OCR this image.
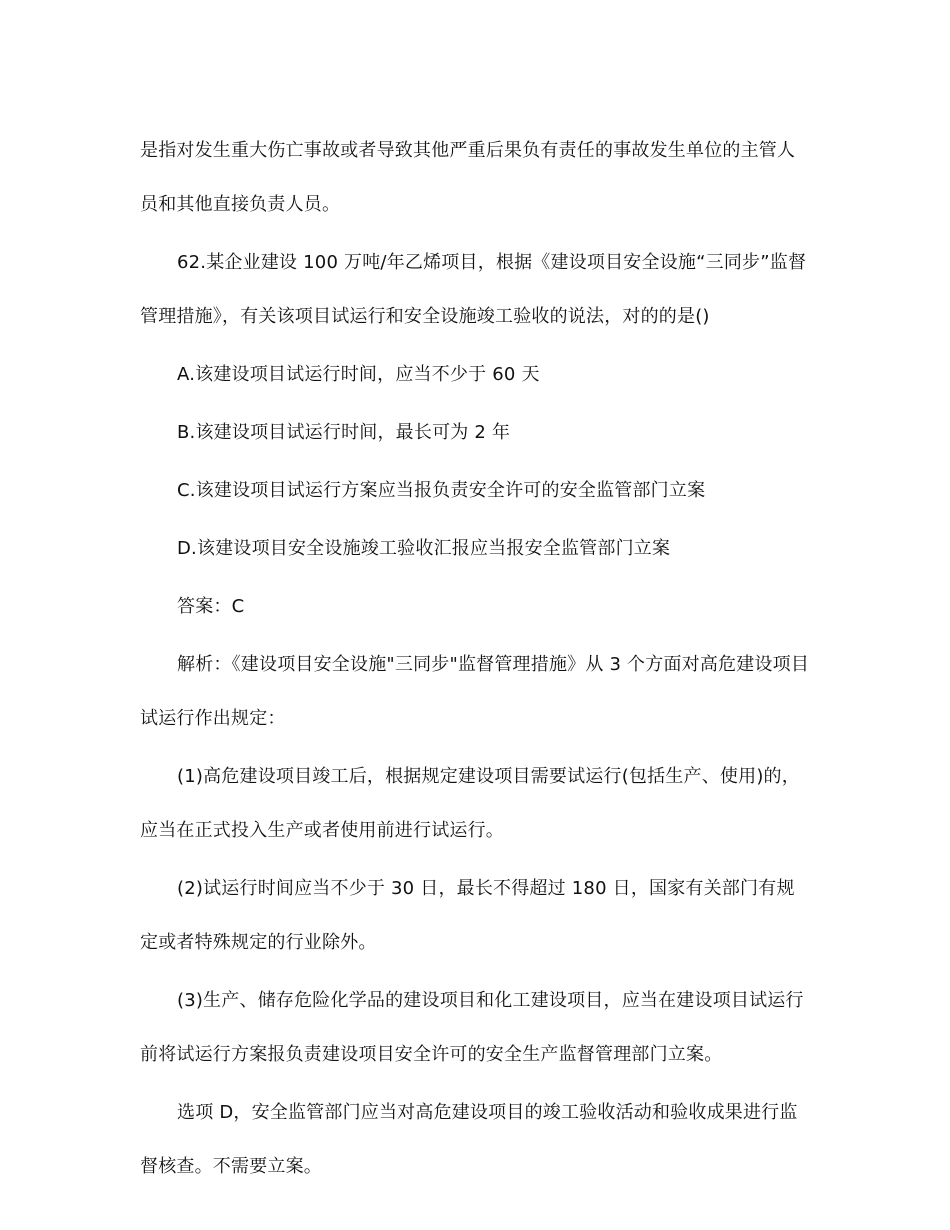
是指对发生重大伤亡事故或者导致其他严重后果负有责任的事故发生单位的主管人员和其他直接负责人员。

62.某企业建设 100 万吨/年乙烯项目，根据《建设项目安全设施“三同步”监督管理措施》，有关该项目试运行和安全设施竣工验收的说法，对的的是()

A.该建设项目试运行时间，应当不少于 60 天

B.该建设项目试运行时间，最长可为 2 年

C.该建设项目试运行方案应当报负责安全许可的安全监管部门立案

D.该建设项目安全设施竣工验收汇报应当报安全监管部门立案

答案：C

解析：《建设项目安全设施"三同步"监督管理措施》从 3 个方面对高危建设项目试运行作出规定：

(1)高危建设项目竣工后，根据规定建设项目需要试运行(包括生产、使用)的，应当在正式投入生产或者使用前进行试运行。

(2)试运行时间应当不少于 30 日，最长不得超过 180 日，国家有关部门有规定或者特殊规定的行业除外。

(3)生产、储存危险化学品的建设项目和化工建设项目，应当在建设项目试运行前将试运行方案报负责建设项目安全许可的安全生产监督管理部门立案。

选项 D，安全监管部门应当对高危建设项目的竣工验收活动和验收成果进行监督核查。不需要立案。
